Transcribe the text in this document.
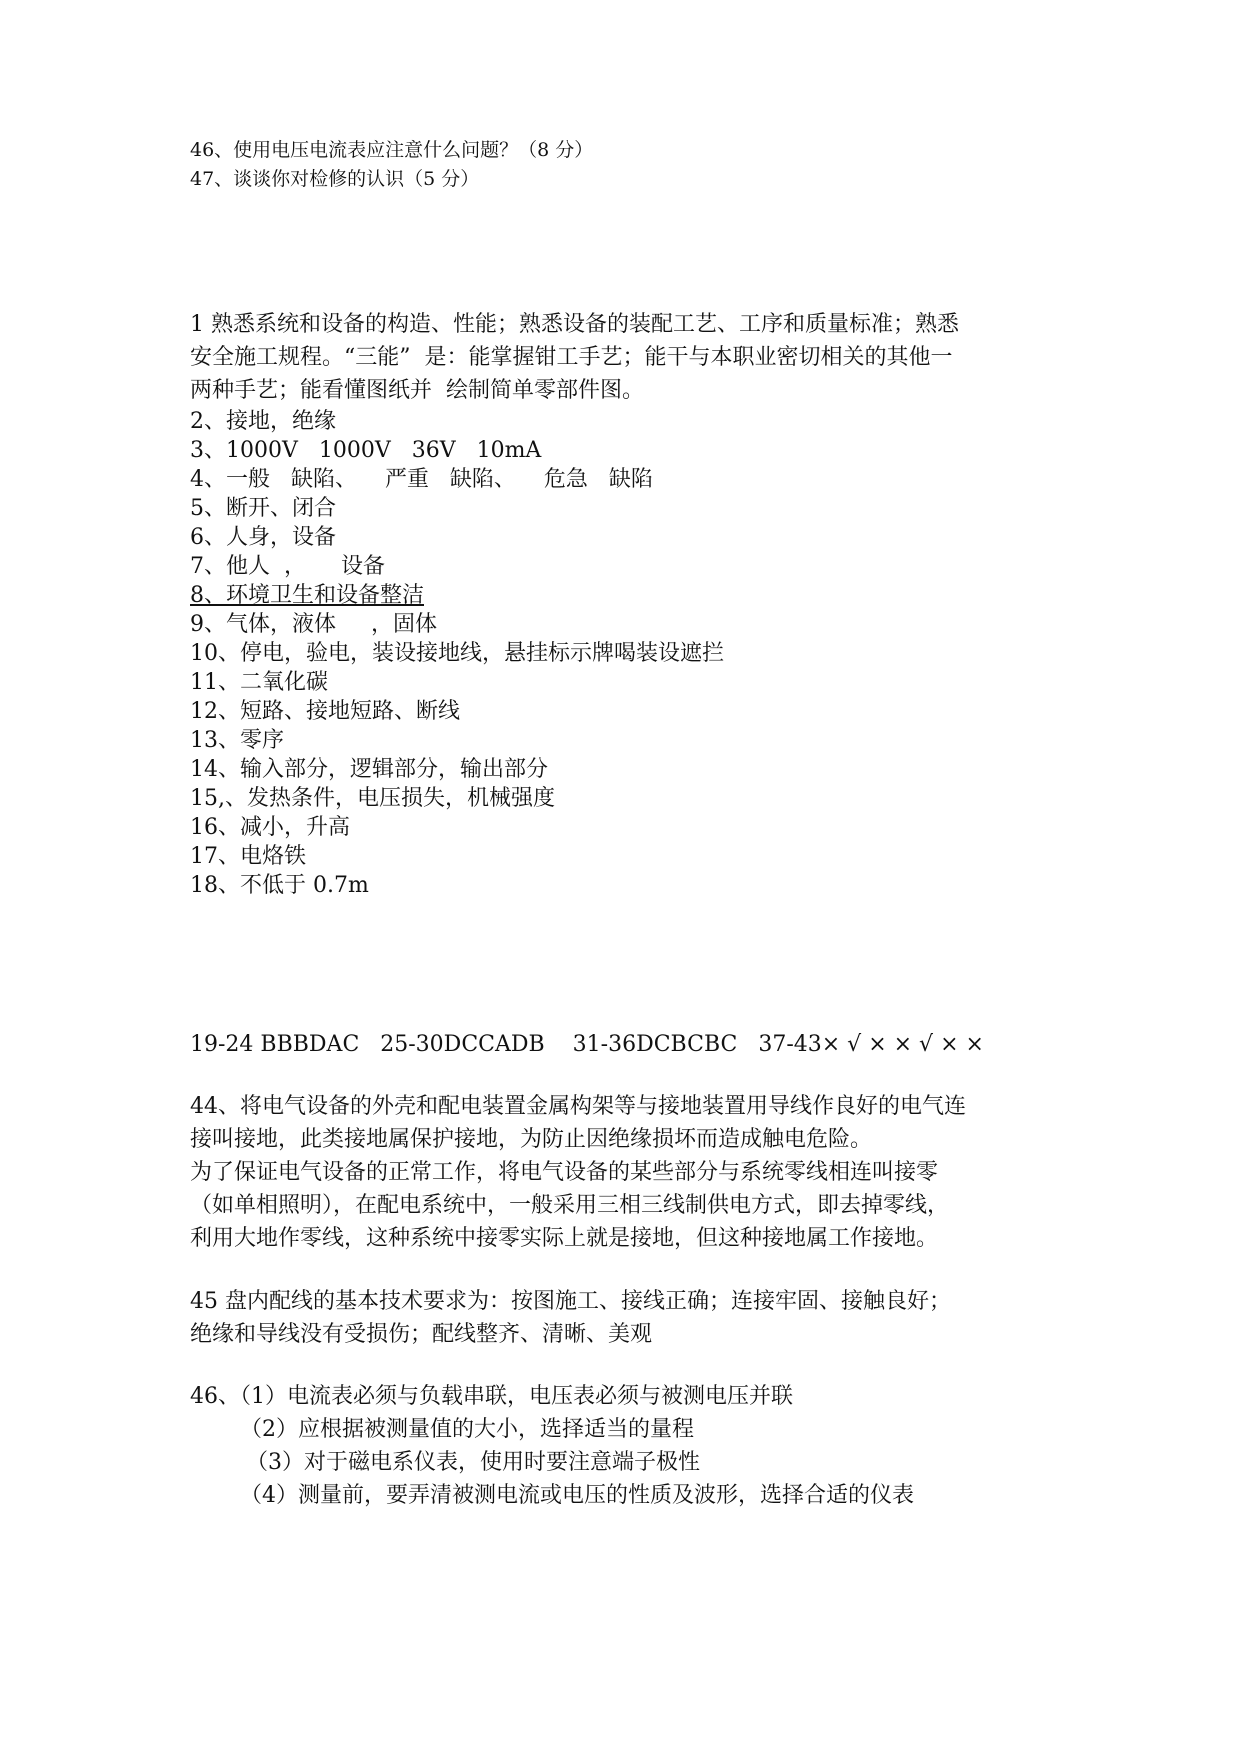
46、使用电压电流表应注意什么问题？（8 分）

47、谈谈你对检修的认识（5 分）

1 熟悉系统和设备的构造、性能；熟悉设备的装配工艺、工序和质量标准；熟悉
安全施工规程。“三能”  是：能掌握钳工手艺；能干与本职业密切相关的其他一
两种手艺；能看懂图纸并  绘制简单零部件图。
2、接地，绝缘
3、1000V   1000V   36V   10mA
4、一般   缺陷、    严重   缺陷、    危急   缺陷
5、断开、闭合
6、人身，设备
7、他人  ，     设备
8、环境卫生和设备整洁
9、气体，液体     ，固体
10、停电，验电，装设接地线，悬挂标示牌喝装设遮拦
11、二氧化碳
12、短路、接地短路、断线
13、零序
14、输入部分，逻辑部分，输出部分
15,、发热条件，电压损失，机械强度
16、减小，升高
17、电烙铁
18、不低于 0.7m
19-24 BBBDAC   25-30DCCADB    31-36DCBCBC   37-43× √ × × √ × ×
44、将电气设备的外壳和配电装置金属构架等与接地装置用导线作良好的电气连
接叫接地，此类接地属保护接地，为防止因绝缘损坏而造成触电危险。
为了保证电气设备的正常工作，将电气设备的某些部分与系统零线相连叫接零
（如单相照明），在配电系统中，一般采用三相三线制供电方式，即去掉零线，
利用大地作零线，这种系统中接零实际上就是接地，但这种接地属工作接地。
45 盘内配线的基本技术要求为：按图施工、接线正确；连接牢固、接触良好；
绝缘和导线没有受损伤；配线整齐、清晰、美观
46、（1）电流表必须与负载串联，电压表必须与被测电压并联
（2）应根据被测量值的大小，选择适当的量程
（3）对于磁电系仪表，使用时要注意端子极性
（4）测量前，要弄清被测电流或电压的性质及波形，选择合适的仪表
